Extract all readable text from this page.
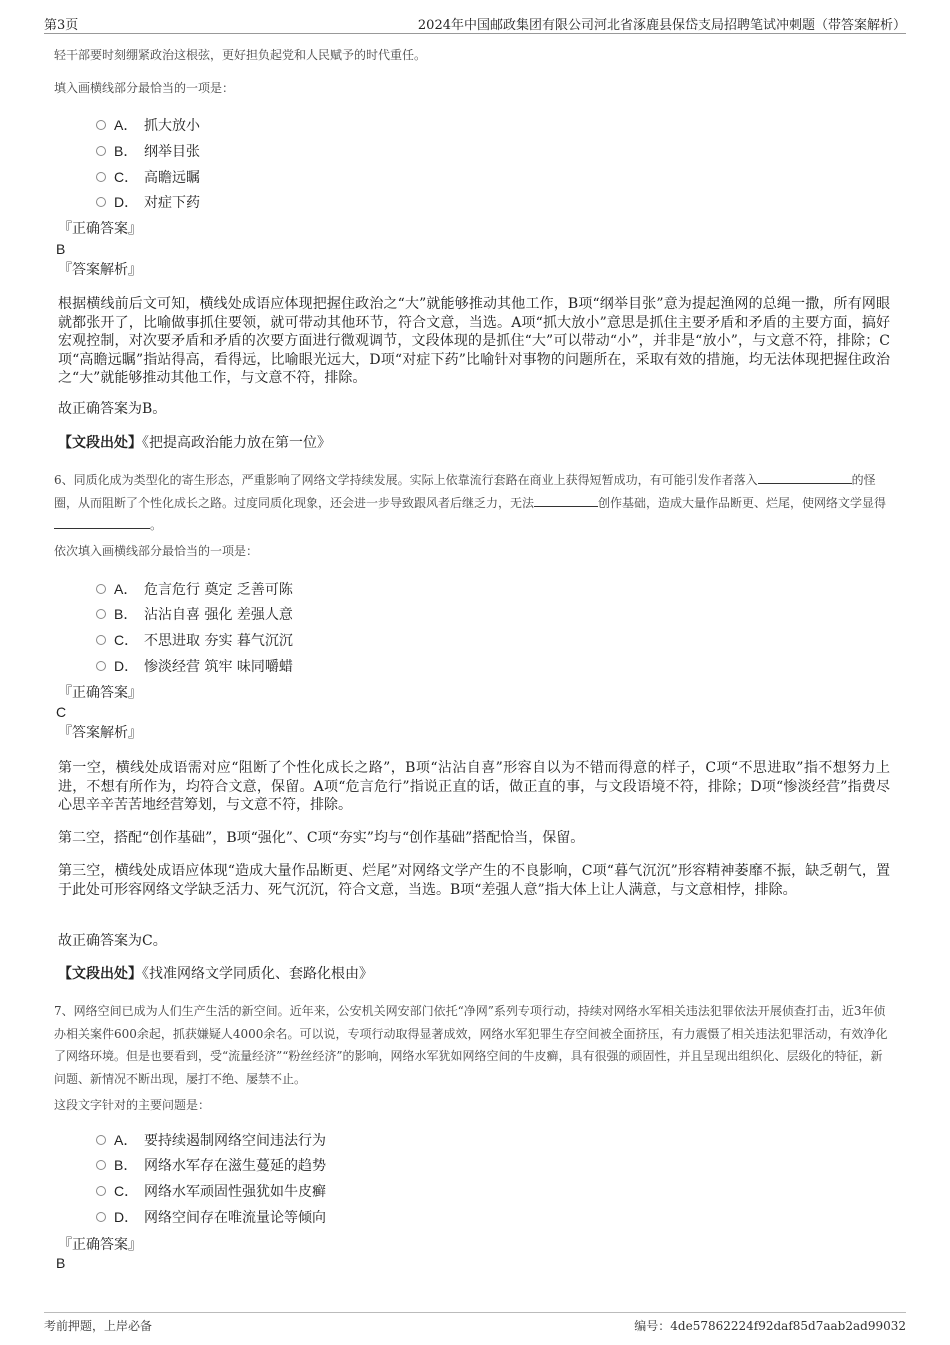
第3页	2024年中国邮政集团有限公司河北省涿鹿县保岱支局招聘笔试冲刺题（带答案解析）
轻干部要时刻绷紧政治这根弦，更好担负起党和人民赋予的时代重任。
填入画横线部分最恰当的一项是：
A． 抓大放小
B． 纲举目张
C． 高瞻远瞩
D． 对症下药
『正确答案』
B
『答案解析』
根据横线前后文可知，横线处成语应体现把握住政治之“大”就能够推动其他工作，B项“纲举目张”意为提起渔网的总绳一撒，所有网眼就都张开了，比喻做事抓住要领，就可带动其他环节，符合文意，当选。A项“抓大放小”意思是抓住主要矛盾和矛盾的主要方面，搞好宏观控制，对次要矛盾和矛盾的次要方面进行微观调节，文段体现的是抓住“大”可以带动“小”，并非是“放小”，与文意不符，排除；C项“高瞻远瞩”指站得高，看得远，比喻眼光远大，D项“对症下药”比喻针对事物的问题所在，采取有效的措施，均无法体现把握住政治之“大”就能够推动其他工作，与文意不符，排除。
故正确答案为B。
【文段出处】《把提高政治能力放在第一位》
6、同质化成为类型化的寄生形态，严重影响了网络文学持续发展。实际上依靠流行套路在商业上获得短暂成功，有可能引发作者落入	的怪圈，从而阻断了个性化成长之路。过度同质化现象，还会进一步导致跟风者后继乏力，无法	创作基础，造成大量作品断更、烂尾，使网络文学显得。
依次填入画横线部分最恰当的一项是：
A． 危言危行 奠定 乏善可陈
B． 沾沾自喜 强化 差强人意
C． 不思进取 夯实 暮气沉沉
D． 惨淡经营 筑牢 味同嚼蜡
『正确答案』
C
『答案解析』
第一空，横线处成语需对应“阻断了个性化成长之路”，B项“沾沾自喜”形容自以为不错而得意的样子，C项“不思进取”指不想努力上进，不想有所作为，均符合文意，保留。A项“危言危行”指说正直的话，做正直的事，与文段语境不符，排除；D项“惨淡经营”指费尽心思辛辛苦苦地经营筹划，与文意不符，排除。
第二空，搭配“创作基础”，B项“强化”、C项“夯实”均与“创作基础”搭配恰当，保留。
第三空，横线处成语应体现“造成大量作品断更、烂尾”对网络文学产生的不良影响，C项“暮气沉沉”形容精神萎靡不振，缺乏朝气，置于此处可形容网络文学缺乏活力、死气沉沉，符合文意，当选。B项“差强人意”指大体上让人满意，与文意相悖，排除。
故正确答案为C。
【文段出处】《找准网络文学同质化、套路化根由》
7、网络空间已成为人们生产生活的新空间。近年来，公安机关网安部门依托“净网”系列专项行动，持续对网络水军相关违法犯罪依法开展侦查打击，近3年侦办相关案件600余起，抓获嫌疑人4000余名。可以说，专项行动取得显著成效，网络水军犯罪生存空间被全面挤压，有力震慑了相关违法犯罪活动，有效净化了网络环境。但是也要看到，受“流量经济”“粉丝经济”的影响，网络水军犹如网络空间的牛皮癣，具有很强的顽固性，并且呈现出组织化、层级化的特征，新问题、新情况不断出现，屡打不绝、屡禁不止。
这段文字针对的主要问题是：
A． 要持续遏制网络空间违法行为
B． 网络水军存在滋生蔓延的趋势
C． 网络水军顽固性强犹如牛皮癣
D． 网络空间存在唯流量论等倾向
『正确答案』
B
考前押题，上岸必备	编号：4de57862224f92daf85d7aab2ad99032
